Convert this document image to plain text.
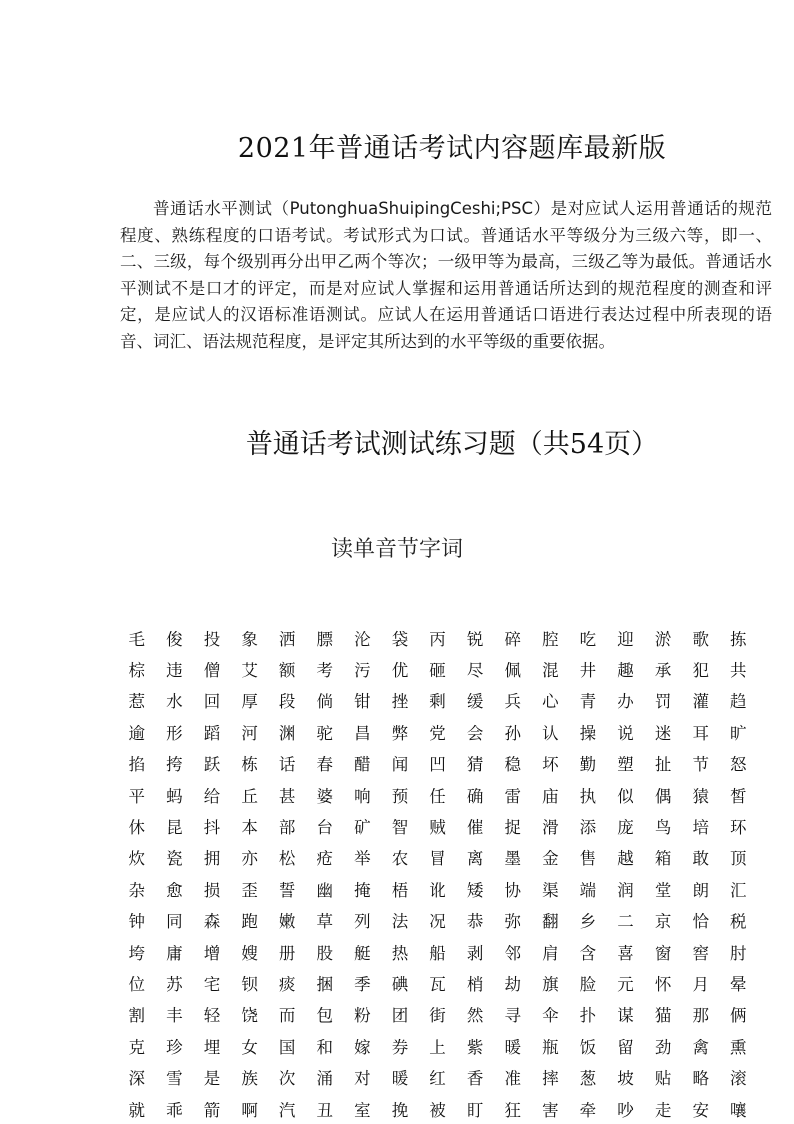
2021年普通话考试内容题库最新版
普通话水平测试（PutonghuaShuipingCeshi;PSC）是对应试人运用普通话的规范程度、熟练程度的口语考试。考试形式为口试。普通话水平等级分为三级六等，即一、二、三级，每个级别再分出甲乙两个等次；一级甲等为最高，三级乙等为最低。普通话水平测试不是口才的评定，而是对应试人掌握和运用普通话所达到的规范程度的测查和评定，是应试人的汉语标准语测试。应试人在运用普通话口语进行表达过程中所表现的语音、词汇、语法规范程度，是评定其所达到的水平等级的重要依据。
普通话考试测试练习题（共54页）
读单音节字词
毛	俊	投	象	洒	膘	沦	袋	丙	锐	碎	腔	吃	迎	淤	歌	拣
棕	违	僧	艾	额	考	污	优	砸	尽	佩	混	井	趣	承	犯	共
惹	水	回	厚	段	倘	钳	挫	剩	缓	兵	心	青	办	罚	灌	趋
逾	形	蹈	河	渊	驼	昌	弊	党	会	孙	认	操	说	迷	耳	旷
掐	挎	跃	栋	话	春	醋	闻	凹	猜	稳	坏	勤	塑	扯	节	怒
平	蚂	给	丘	甚	婆	响	预	任	确	雷	庙	执	似	偶	猿	皙
休	昆	抖	本	部	台	矿	智	贼	催	捉	滑	添	庞	鸟	培	环
炊	瓷	拥	亦	松	疮	举	农	冒	离	墨	金	售	越	箱	敢	顶
杂	愈	损	歪	誓	幽	掩	梧	讹	矮	协	渠	端	润	堂	朗	汇
钟	同	森	跑	嫩	草	列	法	况	恭	弥	翻	乡	二	京	恰	税
垮	庸	增	嫂	册	股	艇	热	船	剥	邻	肩	含	喜	窗	窖	肘
位	苏	宅	钡	痰	捆	季	碘	瓦	梢	劫	旗	脸	元	怀	月	晕
割	丰	轻	饶	而	包	粉	团	街	然	寻	伞	扑	谋	猫	那	俩
克	珍	埋	女	国	和	嫁	券	上	紫	暖	瓶	饭	留	劲	禽	熏
深	雪	是	族	次	涌	对	暖	红	香	准	摔	葱	坡	贴	略	滚
就	乖	箭	啊	汽	丑	室	挽	被	盯	狂	害	牵	吵	走	安	嚷
